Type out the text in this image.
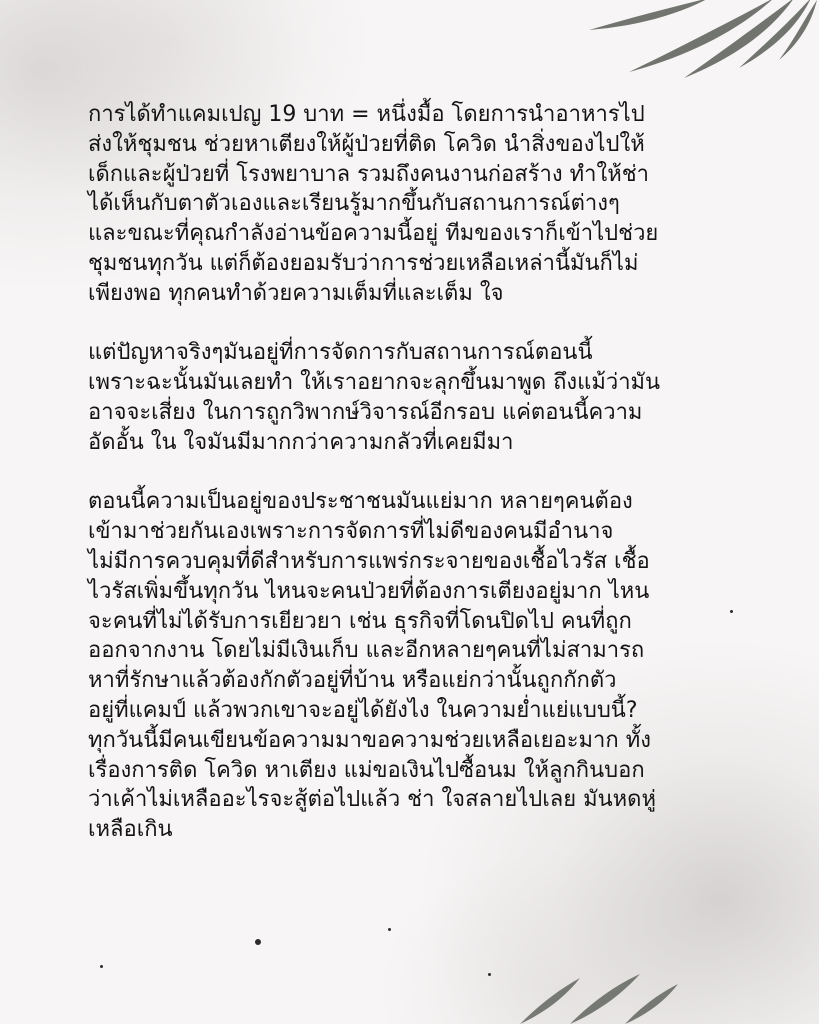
การได้ทำแคมเปญ 19 บาท = หนึ่งมื้อ โดยการนำอาหารไป

ส่งให้ชุมชน ช่วยหาเตียงให้ผู้ป่วยที่ติด โควิด นำสิ่งของไปให้

เด็กและผู้ป่วยที่ โรงพยาบาล รวมถึงคนงานก่อสร้าง ทำให้ช่า

ได้เห็นกับตาตัวเองและเรียนรู้มากขึ้นกับสถานการณ์ต่างๆ

และขณะที่คุณกำลังอ่านข้อความนี้อยู่ ทีมของเราก็เข้าไปช่วย

ชุมชนทุกวัน แต่ก็ต้องยอมรับว่าการช่วยเหลือเหล่านี้มันก็ไม่

เพียงพอ ทุกคนทำด้วยความเต็มที่และเต็ม ใจ

แต่ปัญหาจริงๆมันอยู่ที่การจัดการกับสถานการณ์ตอนนี้

เพราะฉะนั้นมันเลยทำ ให้เราอยากจะลุกขึ้นมาพูด ถึงแม้ว่ามัน

อาจจะเสี่ยง ในการถูกวิพากษ์วิจารณ์อีกรอบ แค่ตอนนี้ความ

อัดอั้น ใน ใจมันมีมากกว่าความกลัวที่เคยมีมา

ตอนนี้ความเป็นอยู่ของประชาชนมันแย่มาก หลายๆคนต้อง

เข้ามาช่วยกันเองเพราะการจัดการที่ไม่ดีของคนมีอำนาจ

ไม่มีการควบคุมที่ดีสำหรับการแพร่กระจายของเชื้อไวรัส เชื้อ

ไวรัสเพิ่มขึ้นทุกวัน ไหนจะคนป่วยที่ต้องการเตียงอยู่มาก ไหน

จะคนที่ไม่ได้รับการเยียวยา เช่น ธุรกิจที่โดนปิดไป คนที่ถูก

ออกจากงาน โดยไม่มีเงินเก็บ และอีกหลายๆคนที่ไม่สามารถ

หาที่รักษาแล้วต้องกักตัวอยู่ที่บ้าน หรือแย่กว่านั้นถูกกักตัว

อยู่ที่แคมป์ แล้วพวกเขาจะอยู่ได้ยังไง ในความย่ำแย่แบบนี้?

ทุกวันนี้มีคนเขียนข้อความมาขอความช่วยเหลือเยอะมาก ทั้ง

เรื่องการติด โควิด หาเตียง แม่ขอเงินไปซื้อนม ให้ลูกกินบอก

ว่าเค้าไม่เหลืออะไรจะสู้ต่อไปแล้ว ช่า ใจสลายไปเลย มันหดหู่

เหลือเกิน
